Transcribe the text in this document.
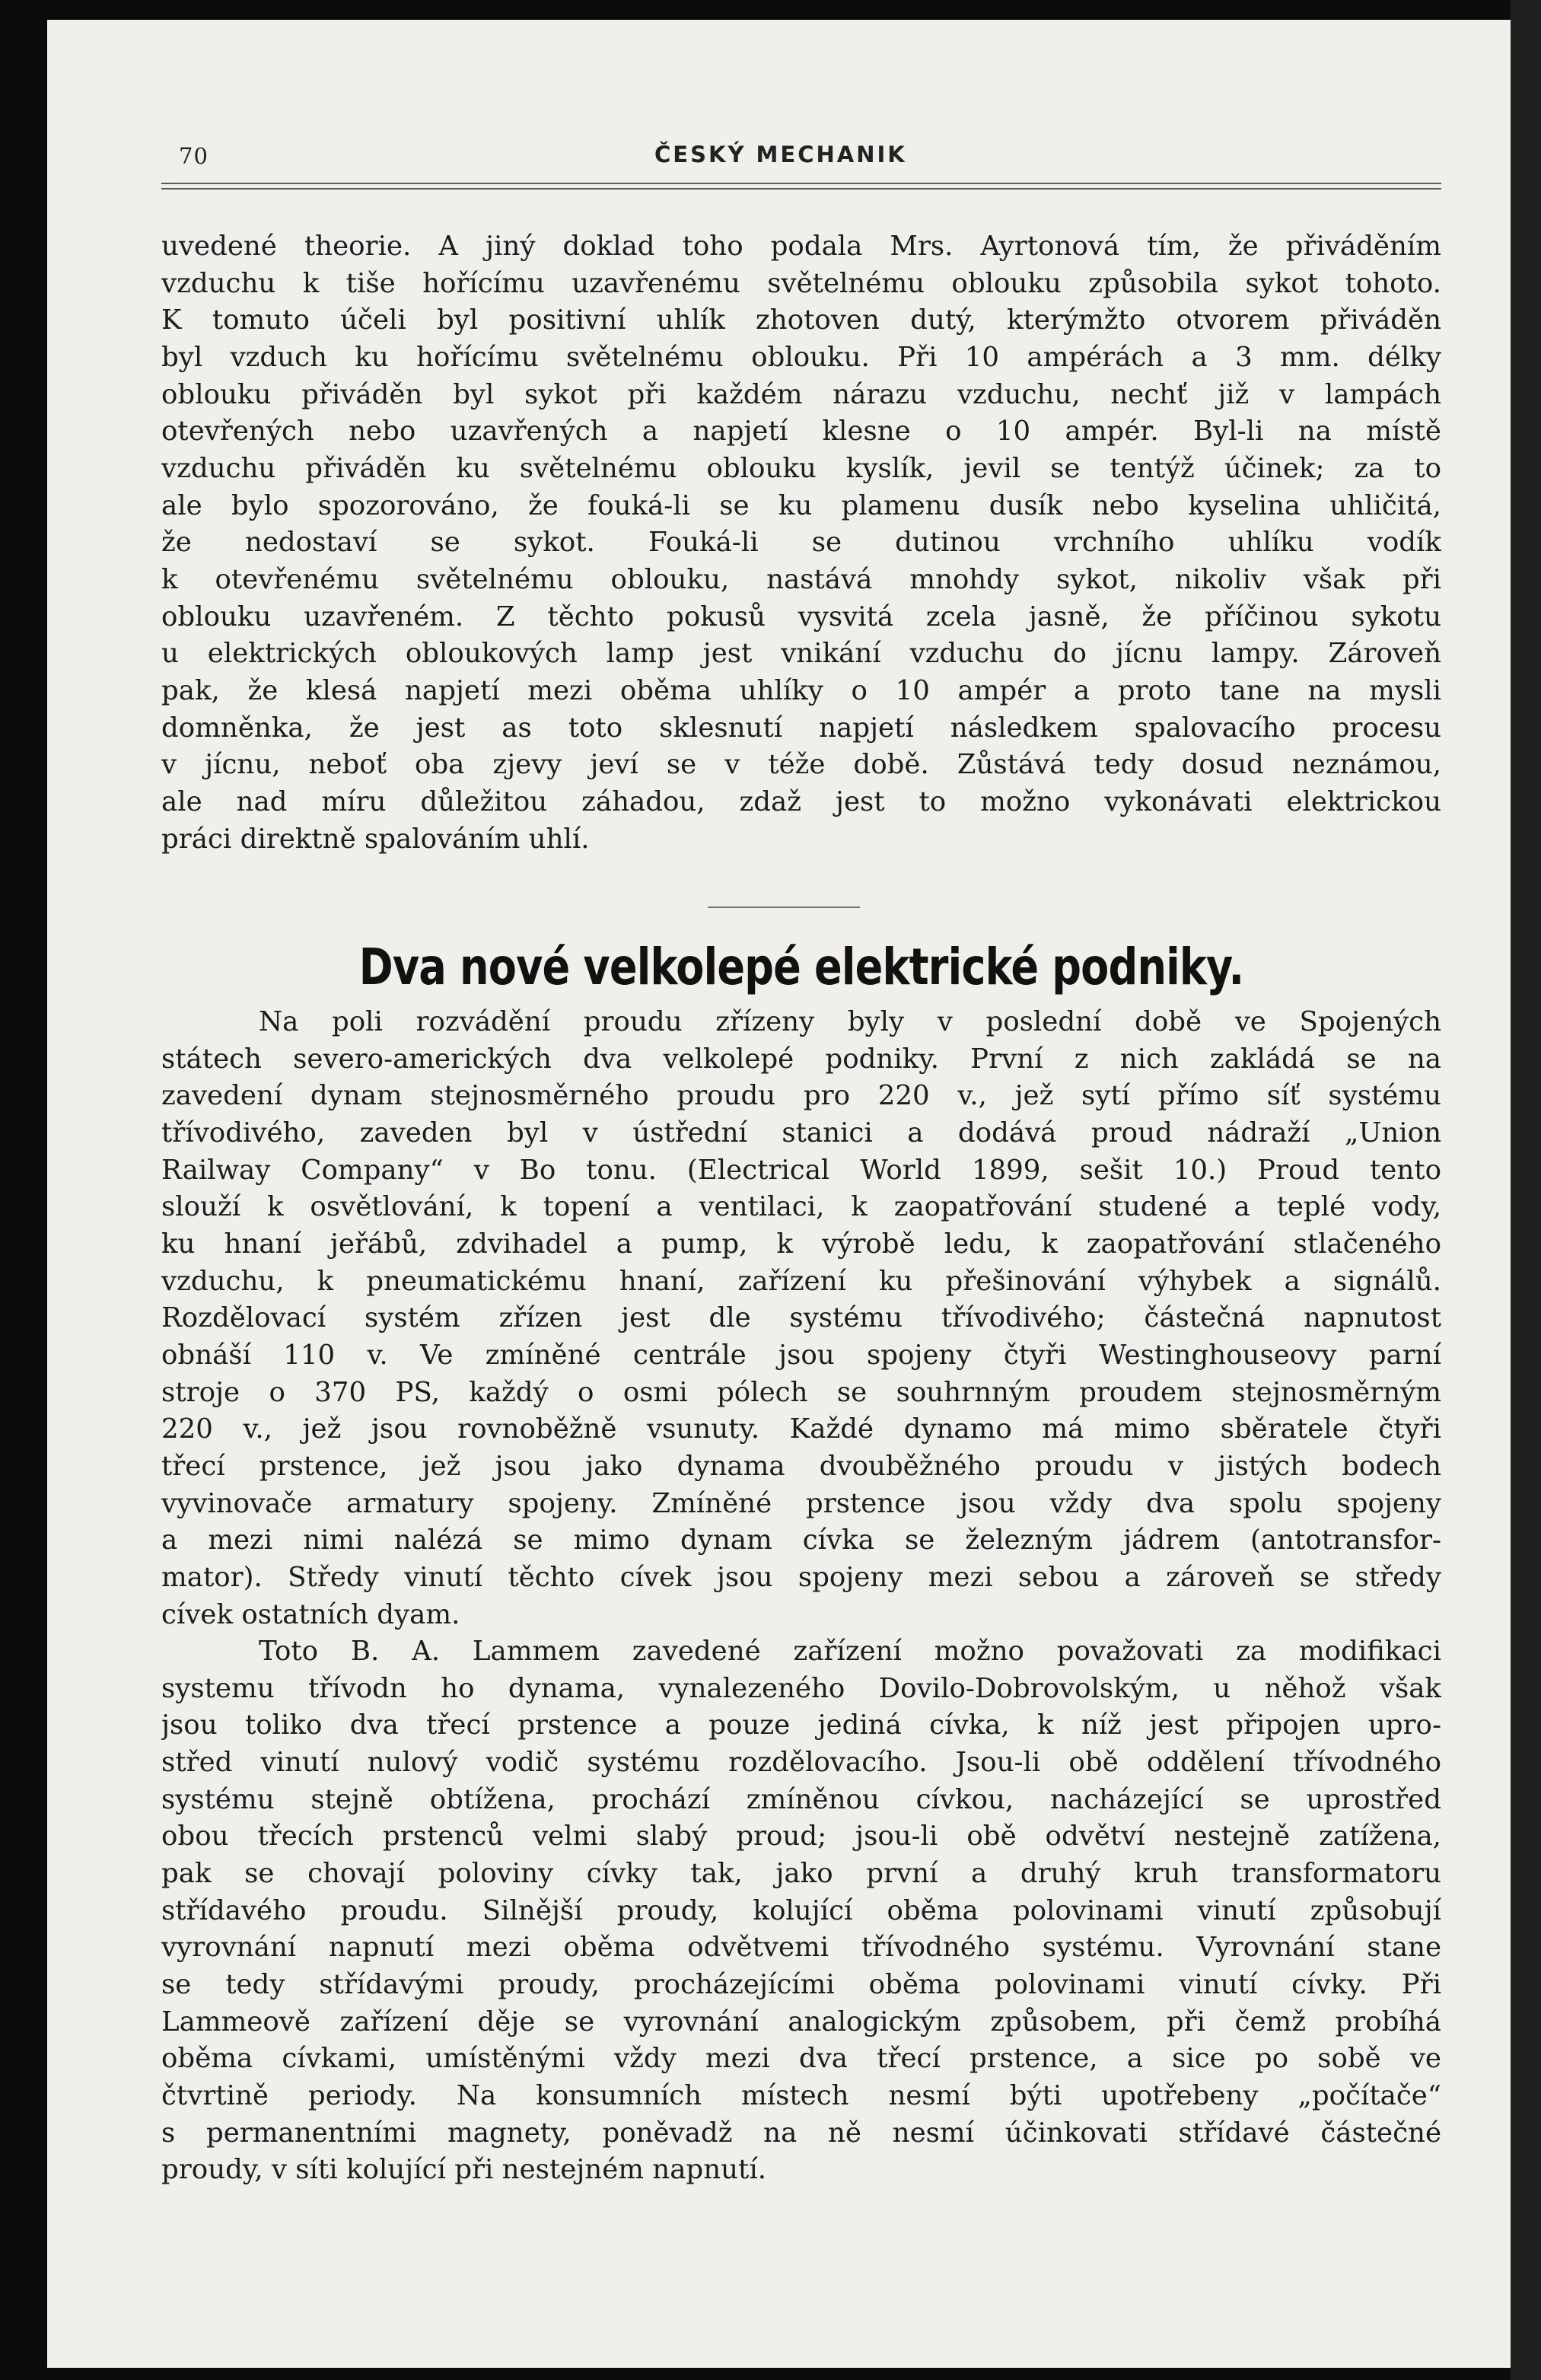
70	ČESKÝ MECHANIK
uvedené theorie. A jiný doklad toho podala Mrs. Ayrtonová tím, že přiváděním
vzduchu k tiše hořícímu uzavřenému světelnému oblouku způsobila sykot tohoto.
K tomuto účeli byl positivní uhlík zhotoven dutý, kterýmžto otvorem přiváděn
byl vzduch ku hořícímu světelnému oblouku. Při 10 ampérách a 3 mm. délky
oblouku přiváděn byl sykot při každém nárazu vzduchu, nechť již v lampách
otevřených nebo uzavřených a napjetí klesne o 10 ampér. Byl-li na místě
vzduchu přiváděn ku světelnému oblouku kyslík, jevil se tentýž účinek; za to
ale bylo spozorováno, že fouká-li se ku plamenu dusík nebo kyselina uhličitá,
že nedostaví se sykot. Fouká-li se dutinou vrchního uhlíku vodík
k otevřenému světelnému oblouku, nastává mnohdy sykot, nikoliv však při
oblouku uzavřeném. Z těchto pokusů vysvitá zcela jasně, že příčinou sykotu
u elektrických obloukových lamp jest vnikání vzduchu do jícnu lampy. Zároveň
pak, že klesá napjetí mezi oběma uhlíky o 10 ampér a proto tane na mysli
domněnka, že jest as toto sklesnutí napjetí následkem spalovacího procesu
v jícnu, neboť oba zjevy jeví se v téže době. Zůstává tedy dosud neznámou,
ale nad míru důležitou záhadou, zdaž jest to možno vykonávati elektrickou
práci direktně spalováním uhlí.
Dva nové velkolepé elektrické podniky.
Na poli rozvádění proudu zřízeny byly v poslední době ve Spojených
státech severo-amerických dva velkolepé podniky. První z nich zakládá se na
zavedení dynam stejnosměrného proudu pro 220 v., jež sytí přímo síť systému
třívodivého, zaveden byl v ústřední stanici a dodává proud nádraží „Union
Railway Company“ v Bo tonu. (Electrical World 1899, sešit 10.) Proud tento
slouží k osvětlování, k topení a ventilaci, k zaopatřování studené a teplé vody,
ku hnaní jeřábů, zdvihadel a pump, k výrobě ledu, k zaopatřování stlačeného
vzduchu, k pneumatickému hnaní, zařízení ku přešinování výhybek a signálů.
Rozdělovací systém zřízen jest dle systému třívodivého; částečná napnutost
obnáší 110 v. Ve zmíněné centrále jsou spojeny čtyři Westinghouseovy parní
stroje o 370 PS, každý o osmi pólech se souhrnným proudem stejnosměrným
220 v., jež jsou rovnoběžně vsunuty. Každé dynamo má mimo sběratele čtyři
třecí prstence, jež jsou jako dynama dvouběžného proudu v jistých bodech
vyvinovače armatury spojeny. Zmíněné prstence jsou vždy dva spolu spojeny
a mezi nimi nalézá se mimo dynam cívka se železným jádrem (antotransfor-
mator). Středy vinutí těchto cívek jsou spojeny mezi sebou a zároveň se středy
cívek ostatních dyam.
Toto B. A. Lammem zavedené zařízení možno považovati za modifikaci
systemu třívodn ho dynama, vynalezeného Dovilo-Dobrovolským, u něhož však
jsou toliko dva třecí prstence a pouze jediná cívka, k níž jest připojen upro-
střed vinutí nulový vodič systému rozdělovacího. Jsou-li obě oddělení třívodného
systému stejně obtížena, prochází zmíněnou cívkou, nacházející se uprostřed
obou třecích prstenců velmi slabý proud; jsou-li obě odvětví nestejně zatížena,
pak se chovají poloviny cívky tak, jako první a druhý kruh transformatoru
střídavého proudu. Silnější proudy, kolující oběma polovinami vinutí způsobují
vyrovnání napnutí mezi oběma odvětvemi třívodného systému. Vyrovnání stane
se tedy střídavými proudy, procházejícími oběma polovinami vinutí cívky. Při
Lammeově zařízení děje se vyrovnání analogickým způsobem, při čemž probíhá
oběma cívkami, umístěnými vždy mezi dva třecí prstence, a sice po sobě ve
čtvrtině periody. Na konsumních místech nesmí býti upotřebeny „počítače“
s permanentními magnety, poněvadž na ně nesmí účinkovati střídavé částečné
proudy, v síti kolující při nestejném napnutí.
